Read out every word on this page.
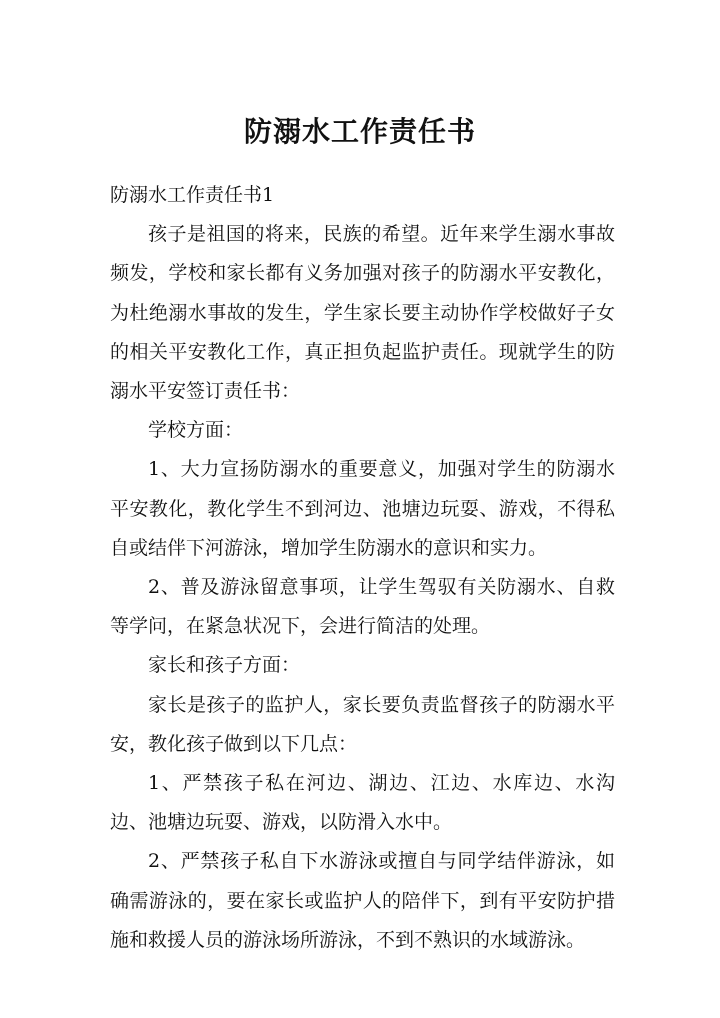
防溺水工作责任书

防溺水工作责任书1

孩子是祖国的将来，民族的希望。近年来学生溺水事故频发，学校和家长都有义务加强对孩子的防溺水平安教化，为杜绝溺水事故的发生，学生家长要主动协作学校做好子女的相关平安教化工作，真正担负起监护责任。现就学生的防溺水平安签订责任书：

学校方面：

1、大力宣扬防溺水的重要意义，加强对学生的防溺水平安教化，教化学生不到河边、池塘边玩耍、游戏，不得私自或结伴下河游泳，增加学生防溺水的意识和实力。

2、普及游泳留意事项，让学生驾驭有关防溺水、自救等学问，在紧急状况下，会进行简洁的处理。

家长和孩子方面：

家长是孩子的监护人，家长要负责监督孩子的防溺水平安，教化孩子做到以下几点：

1、严禁孩子私在河边、湖边、江边、水库边、水沟边、池塘边玩耍、游戏，以防滑入水中。

2、严禁孩子私自下水游泳或擅自与同学结伴游泳，如确需游泳的，要在家长或监护人的陪伴下，到有平安防护措施和救援人员的游泳场所游泳，不到不熟识的水域游泳。
